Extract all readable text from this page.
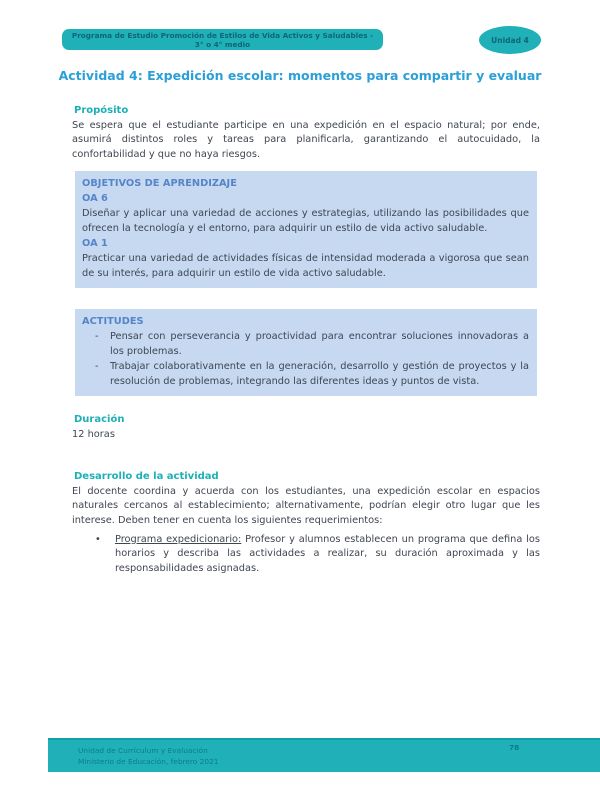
Programa de Estudio Promoción de Estilos de Vida Activos y Saludables - 3° o 4° medio	Unidad 4
Actividad 4: Expedición escolar: momentos para compartir y evaluar
Propósito

Se espera que el estudiante participe en una expedición en el espacio natural; por ende, asumirá distintos roles y tareas para planificarla, garantizando el autocuidado, la confortabilidad y que no haya riesgos.

OBJETIVOS DE APRENDIZAJE
OA 6

Diseñar y aplicar una variedad de acciones y estrategias, utilizando las posibilidades que ofrecen la tecnología y el entorno, para adquirir un estilo de vida activo saludable.

OA 1

Practicar una variedad de actividades físicas de intensidad moderada a vigorosa que sean de su interés, para adquirir un estilo de vida activo saludable.

ACTITUDES
- Pensar con perseverancia y proactividad para encontrar soluciones innovadoras a los problemas.
- Trabajar colaborativamente en la generación, desarrollo y gestión de proyectos y la resolución de problemas, integrando las diferentes ideas y puntos de vista.
Duración
12 horas
Desarrollo de la actividad

El docente coordina y acuerda con los estudiantes, una expedición escolar en espacios naturales cercanos al establecimiento; alternativamente, podrían elegir otro lugar que les interese. Deben tener en cuenta los siguientes requerimientos:

• Programa expedicionario: Profesor y alumnos establecen un programa que defina los horarios y describa las actividades a realizar, su duración aproximada y las responsabilidades asignadas.
Unidad de Currículum y Evaluación
Ministerio de Educación, febrero 2021
78
